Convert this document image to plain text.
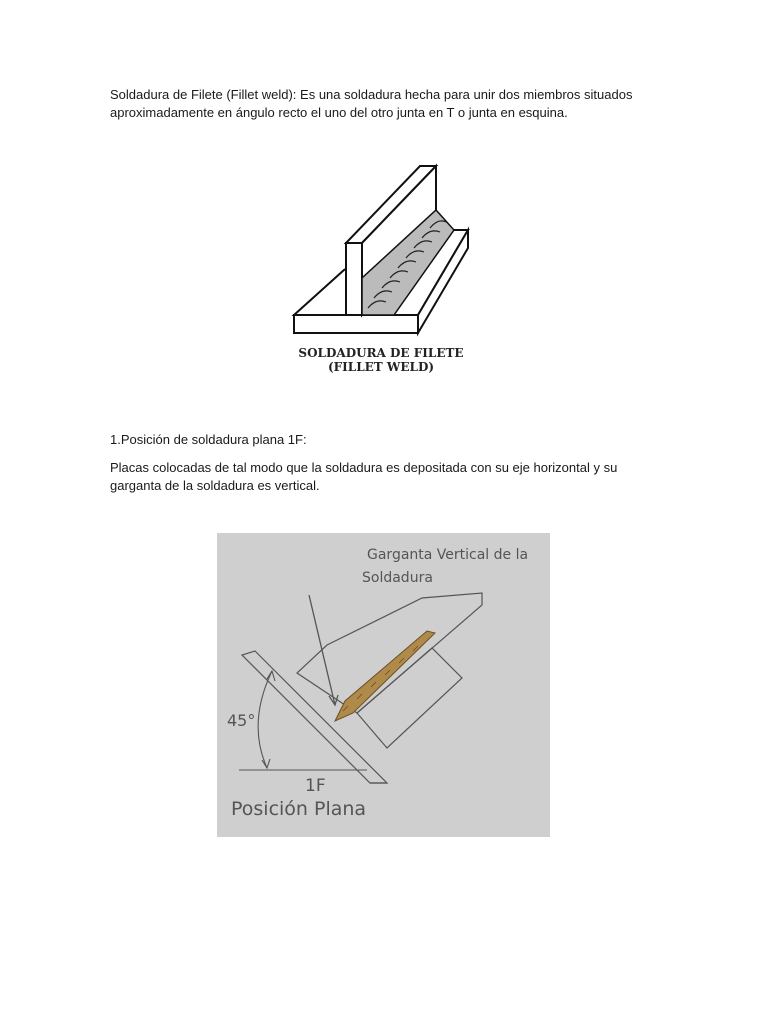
Soldadura de Filete (Fillet weld): Es una soldadura hecha para unir dos miembros situados
aproximadamente en ángulo recto el uno del otro junta en T o junta en esquina.
SOLDADURA DE FILETE
(FILLET WELD)
1.Posición de soldadura plana 1F:
Placas colocadas de tal modo que la soldadura es depositada con su eje horizontal y su
garganta de la soldadura es vertical.
Garganta Vertical de la
Soldadura
45°
1F
Posición Plana
